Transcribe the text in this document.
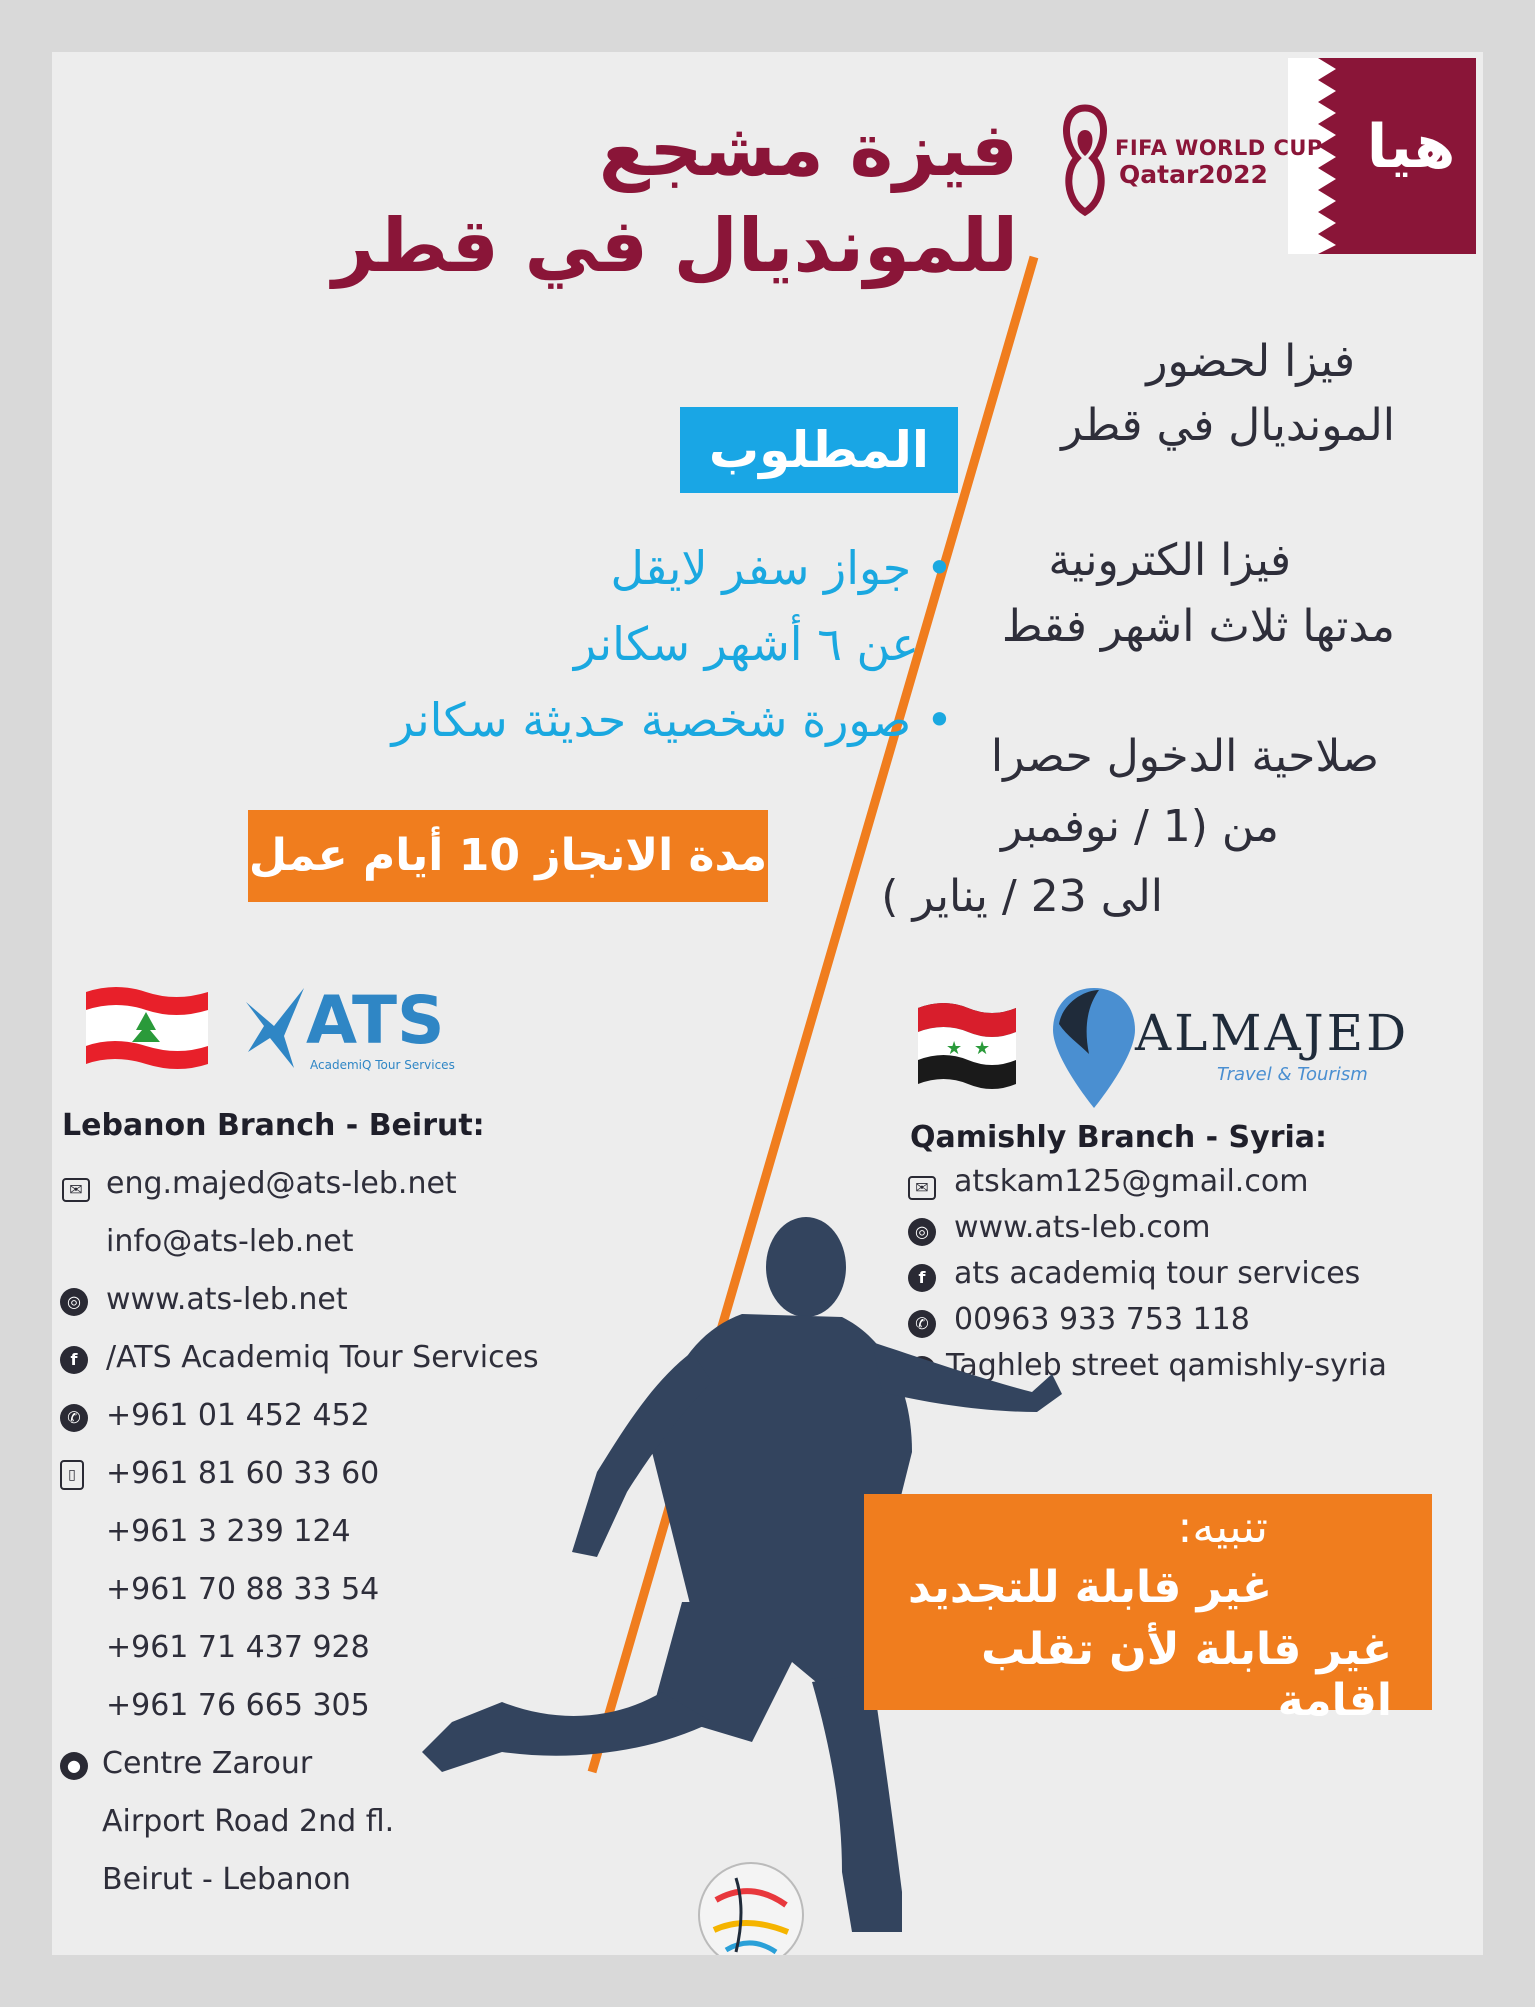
هيا
FIFA WORLD CUP
Qatar2022
فيزة مشجع
للمونديال في قطر
فيزا لحضور
المونديال في قطر
فيزا الكترونية
مدتها ثلاث اشهر فقط
صلاحية الدخول حصرا
من (1 / نوفمبر
الى 23 / يناير )
المطلوب
• جواز سفر لايقل
عن ٦ أشهر سكانر
• صورة شخصية حديثة سكانر
مدة الانجاز 10 أيام عمل
ATS
AcademiQ Tour Services
Lebanon Branch - Beirut:
✉ eng.majed@ats-leb.net
info@ats-leb.net
◎ www.ats-leb.net
f /ATS Academiq Tour Services
✆ +961 01 452 452
▯ +961 81 60 33 60
+961 3 239 124
+961 70 88 33 54
+961 71 437 928
+961 76 665 305
● Centre Zarour
Airport Road 2nd fl.
Beirut - Lebanon
★ ★	ALMAJED
Travel & Tourism
Qamishly Branch - Syria:
✉ atskam125@gmail.com
◎ www.ats-leb.com
f ats academiq tour services
✆ 00963 933 753 118
Taghleb street qamishly-syria
تنبيه:
غير قابلة للتجديد
غير قابلة لأن تقلب اقامة
